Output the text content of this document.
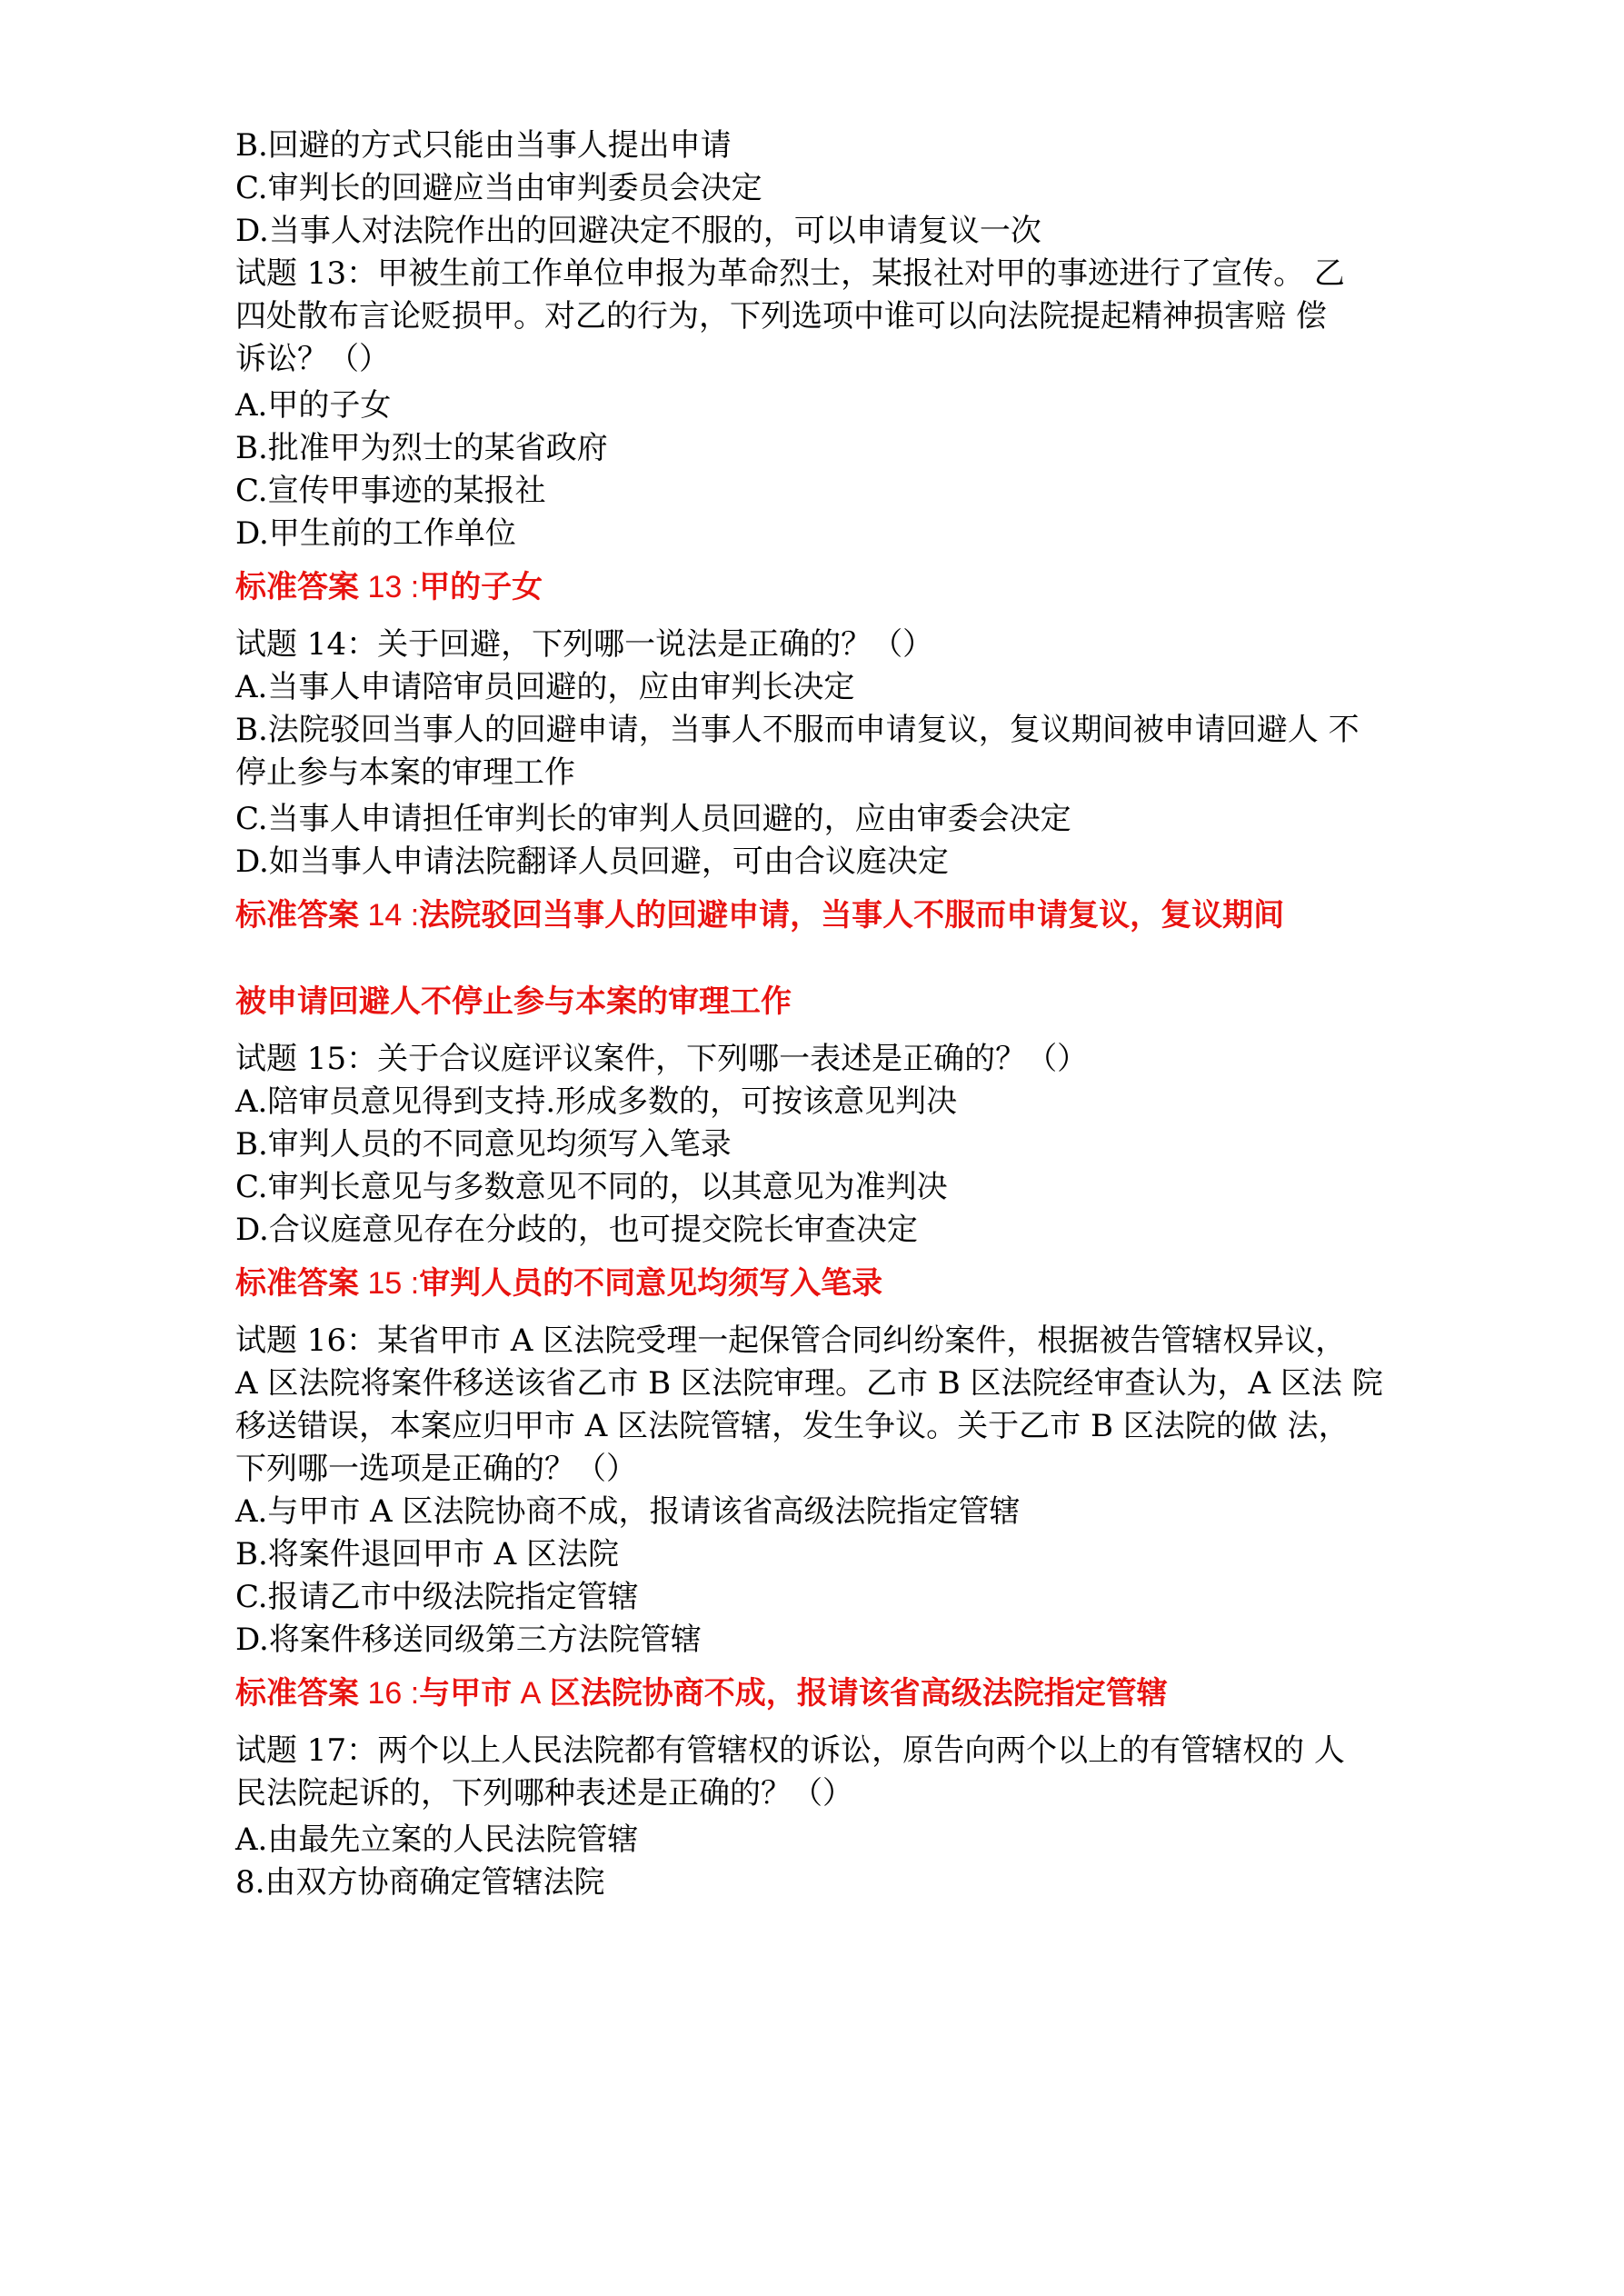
B.回避的方式只能由当事人提出申请
C.审判长的回避应当由审判委员会决定
D.当事人对法院作出的回避决定不服的，可以申请复议一次
试题 13：甲被生前工作单位申报为革命烈士，某报社对甲的事迹进行了宣传。 乙
四处散布言论贬损甲。对乙的行为，下列选项中谁可以向法院提起精神损害赔 偿
诉讼？（）
A.甲的子女
B.批准甲为烈士的某省政府
C.宣传甲事迹的某报社
D.甲生前的工作单位
标准答案 13 :甲的子女
试题 14：关于回避，下列哪一说法是正确的？（）
A.当事人申请陪审员回避的，应由审判长决定
B.法院驳回当事人的回避申请，当事人不服而申请复议，复议期间被申请回避人 不
停止参与本案的审理工作
C.当事人申请担任审判长的审判人员回避的，应由审委会决定
D.如当事人申请法院翻译人员回避，可由合议庭决定
标准答案 14 :法院驳回当事人的回避申请，当事人不服而申请复议，复议期间
被申请回避人不停止参与本案的审理工作
试题 15：关于合议庭评议案件，下列哪一表述是正确的？（）
A.陪审员意见得到支持.形成多数的，可按该意见判决
B.审判人员的不同意见均须写入笔录
C.审判长意见与多数意见不同的，以其意见为准判决
D.合议庭意见存在分歧的，也可提交院长审查决定
标准答案 15 :审判人员的不同意见均须写入笔录
试题 16：某省甲市 A 区法院受理一起保管合同纠纷案件，根据被告管辖权异议，
A 区法院将案件移送该省乙市 B 区法院审理。乙市 B 区法院经审查认为，A 区法 院
移送错误，本案应归甲市 A 区法院管辖，发生争议。关于乙市 B 区法院的做 法，
下列哪一选项是正确的？（）
A.与甲市 A 区法院协商不成，报请该省高级法院指定管辖
B.将案件退回甲市 A 区法院
C.报请乙市中级法院指定管辖
D.将案件移送同级第三方法院管辖
标准答案 16 :与甲市 A 区法院协商不成，报请该省高级法院指定管辖
试题 17：两个以上人民法院都有管辖权的诉讼，原告向两个以上的有管辖权的 人
民法院起诉的，下列哪种表述是正确的？（）
A.由最先立案的人民法院管辖
8.由双方协商确定管辖法院
